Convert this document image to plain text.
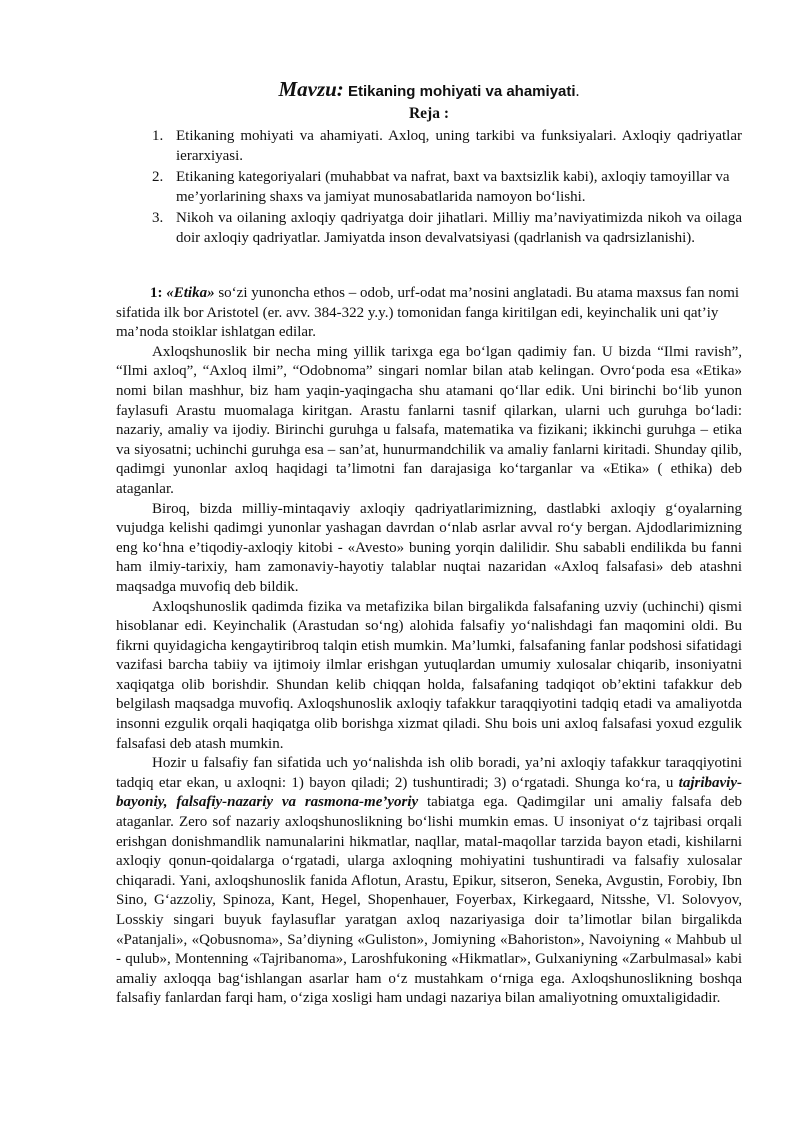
Mavzu: Etikaning mohiyati va ahamiyati.

Reja :

1. Etikaning mohiyati va ahamiyati. Axloq, uning tarkibi va funksiyalari. Axloqiy qadriyatlar ierarxiyasi.
2. Etikaning kategoriyalari (muhabbat va nafrat, baxt va baxtsizlik kabi), axloqiy tamoyillar va me’yorlarining shaxs va jamiyat munosabatlarida namoyon bo‘lishi.
3. Nikoh va oilaning axloqiy qadriyatga doir jihatlari. Milliy ma’naviyatimizda nikoh va oilaga doir axloqiy qadriyatlar. Jamiyatda inson devalvatsiyasi (qadrlanish va qadrsizlanishi).

1: «Etika» so‘zi yunoncha ethos – odob, urf-odat ma’nosini anglatadi. Bu atama maxsus fan nomi sifatida ilk bor Aristotel (er. avv. 384-322 y.y.) tomonidan fanga kiritilgan edi, keyinchalik uni qat’iy ma’noda stoiklar ishlatgan edilar.

Axloqshunoslik bir necha ming yillik tarixga ega bo‘lgan qadimiy fan. U bizda “Ilmi ravish”, “Ilmi axloq”, “Axloq ilmi”, “Odobnoma” singari nomlar bilan atab kelingan. Ovro‘poda esa «Etika» nomi bilan mashhur, biz ham yaqin-yaqingacha shu atamani qo‘llar edik. Uni birinchi bo‘lib yunon faylasufi Arastu muomalaga kiritgan. Arastu fanlarni tasnif qilarkan, ularni uch guruhga bo‘ladi: nazariy, amaliy va ijodiy. Birinchi guruhga u falsafa, matematika va fizikani; ikkinchi guruhga – etika va siyosatni; uchinchi guruhga esa – san’at, hunurmandchilik va amaliy fanlarni kiritadi. Shunday qilib, qadimgi yunonlar axloq haqidagi ta’limotni fan darajasiga ko‘targanlar va «Etika» ( ethika) deb ataganlar.

Biroq, bizda milliy-mintaqaviy axloqiy qadriyatlarimizning, dastlabki axloqiy g‘oyalarning vujudga kelishi qadimgi yunonlar yashagan davrdan o‘nlab asrlar avval ro‘y bergan. Ajdodlarimizning eng ko‘hna e’tiqodiy-axloqiy kitobi - «Avesto» buning yorqin dalilidir. Shu sababli endilikda bu fanni ham ilmiy-tarixiy, ham zamonaviy-hayotiy talablar nuqtai nazaridan «Axloq falsafasi» deb atashni maqsadga muvofiq deb bildik.

Axloqshunoslik qadimda fizika va metafizika bilan birgalikda falsafaning uzviy (uchinchi) qismi hisoblanar edi. Keyinchalik (Arastudan so‘ng) alohida falsafiy yo‘nalishdagi fan maqomini oldi. Bu fikrni quyidagicha kengaytiribroq talqin etish mumkin. Ma’lumki, falsafaning fanlar podshosi sifatidagi vazifasi barcha tabiiy va ijtimoiy ilmlar erishgan yutuqlardan umumiy xulosalar chiqarib, insoniyatni xaqiqatga olib borishdir. Shundan kelib chiqqan holda, falsafaning tadqiqot ob’ektini tafakkur deb belgilash maqsadga muvofiq. Axloqshunoslik axloqiy tafakkur taraqqiyotini tadqiq etadi va amaliyotda insonni ezgulik orqali haqiqatga olib borishga xizmat qiladi. Shu bois uni axloq falsafasi yoxud ezgulik falsafasi deb atash mumkin.

Hozir u falsafiy fan sifatida uch yo‘nalishda ish olib boradi, ya’ni axloqiy tafakkur taraqqiyotini tadqiq etar ekan, u axloqni: 1) bayon qiladi; 2) tushuntiradi; 3) o‘rgatadi. Shunga ko‘ra, u tajribaviy-bayoniy, falsafiy-nazariy va rasmona-me’yoriy tabiatga ega. Qadimgilar uni amaliy falsafa deb ataganlar. Zero sof nazariy axloqshunoslikning bo‘lishi mumkin emas. U insoniyat o‘z tajribasi orqali erishgan donishmandlik namunalarini hikmatlar, naqllar, matal-maqollar tarzida bayon etadi, kishilarni axloqiy qonun-qoidalarga o‘rgatadi, ularga axloqning mohiyatini tushuntiradi va falsafiy xulosalar chiqaradi. Yani, axloqshunoslik fanida Aflotun, Arastu, Epikur, sitseron, Seneka, Avgustin, Forobiy, Ibn Sino, G‘azzoliy, Spinoza, Kant, Hegel, Shopenhauer, Foyerbax, Kirkegaard, Nitsshe, Vl. Solovyov, Losskiy singari buyuk faylasuflar yaratgan axloq nazariyasiga doir ta’limotlar bilan birgalikda «Patanjali», «Qobusnoma», Sa’diyning «Guliston», Jomiyning «Bahoriston», Navoiyning « Mahbub ul - qulub», Montenning «Tajribanoma», Laroshfukoning «Hikmatlar», Gulxaniyning «Zarbulmasal» kabi amaliy axloqqa bag‘ishlangan asarlar ham o‘z mustahkam o‘rniga ega. Axloqshunoslikning boshqa falsafiy fanlardan farqi ham, o‘ziga xosligi ham undagi nazariya bilan amaliyotning omuxtaligidadir.
